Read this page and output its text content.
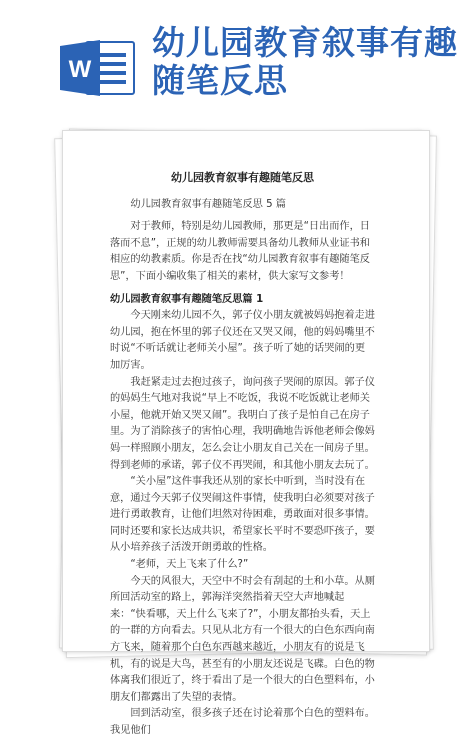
W
幼儿园教育叙事有趣随笔反思
幼儿园教育叙事有趣随笔反思

幼儿园教育叙事有趣随笔反思 5 篇

对于教师，特别是幼儿园教师，那更是“日出而作，日落而不息”，正规的幼儿教师需要具备幼儿教师从业证书和相应的幼教素质。你是否在找“幼儿园教育叙事有趣随笔反思”，下面小编收集了相关的素材，供大家写文参考！

幼儿园教育叙事有趣随笔反思篇 1

今天刚来幼儿园不久，郭子仪小朋友就被妈妈抱着走进幼儿园，抱在怀里的郭子仪还在又哭又闹，他的妈妈嘴里不时说“不听话就让老师关小屋”。孩子听了她的话哭闹的更加厉害。

我赶紧走过去抱过孩子，询问孩子哭闹的原因。郭子仪的妈妈生气地对我说“早上不吃饭，我说不吃饭就让老师关小屋，他就开始又哭又闹”。我明白了孩子是怕自己在房子里。为了消除孩子的害怕心理，我明确地告诉他老师会像妈妈一样照顾小朋友，怎么会让小朋友自己关在一间房子里。得到老师的承诺，郭子仪不再哭闹，和其他小朋友去玩了。

“关小屋”这件事我还从别的家长中听到，当时没有在意，通过今天郭子仪哭闹这件事情，使我明白必须要对孩子进行勇敢教育，让他们坦然对待困难，勇敢面对很多事情。同时还要和家长达成共识，希望家长平时不要恐吓孩子，要从小培养孩子活泼开朗勇敢的性格。

“老师，天上飞来了什么?”

今天的风很大，天空中不时会有刮起的土和小草。从厕所回活动室的路上，郭海洋突然指着天空大声地喊起来：“快看哪，天上什么飞来了?”，小朋友都抬头看，天上的一群的方向看去。只见从北方有一个很大的白色东西向南方飞来，随着那个白色东西越来越近，小朋友有的说是飞机，有的说是大鸟，甚至有的小朋友还说是飞碟。白色的物体离我们很近了，终于看出了是一个很大的白色塑料布，小朋友们都露出了失望的表情。

回到活动室，很多孩子还在讨论着那个白色的塑料布。我见他们
